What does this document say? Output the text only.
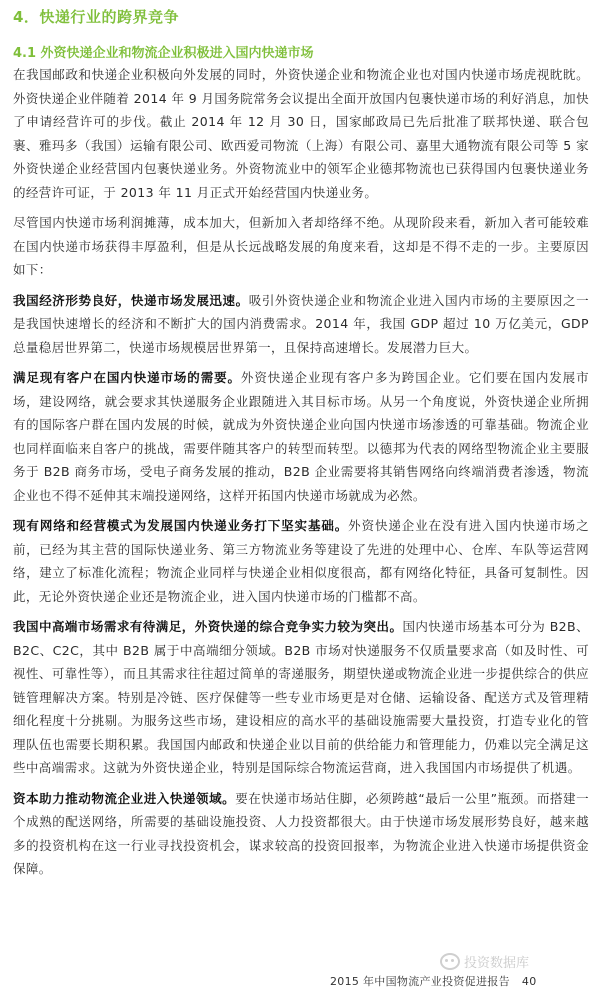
4．快递行业的跨界竞争
4.1 外资快递企业和物流企业积极进入国内快递市场

在我国邮政和快递企业积极向外发展的同时，外资快递企业和物流企业也对国内快递市场虎视眈眈。外资快递企业伴随着 2014 年 9 月国务院常务会议提出全面开放国内包裹快递市场的利好消息，加快了申请经营许可的步伐。截止 2014 年 12 月 30 日，国家邮政局已先后批准了联邦快递、联合包裹、雅玛多（我国）运输有限公司、欧西爱司物流（上海）有限公司、嘉里大通物流有限公司等 5 家外资快递企业经营国内包裹快递业务。外资物流业中的领军企业德邦物流也已获得国内包裹快递业务的经营许可证，于 2013 年 11 月正式开始经营国内快递业务。

尽管国内快递市场利润摊薄，成本加大，但新加入者却络绎不绝。从现阶段来看，新加入者可能较难在国内快递市场获得丰厚盈利，但是从长远战略发展的角度来看，这却是不得不走的一步。主要原因如下：

我国经济形势良好，快递市场发展迅速。吸引外资快递企业和物流企业进入国内市场的主要原因之一是我国快速增长的经济和不断扩大的国内消费需求。2014 年，我国 GDP 超过 10 万亿美元，GDP 总量稳居世界第二，快递市场规模居世界第一，且保持高速增长。发展潜力巨大。

满足现有客户在国内快递市场的需要。外资快递企业现有客户多为跨国企业。它们要在国内发展市场，建设网络，就会要求其快递服务企业跟随进入其目标市场。从另一个角度说，外资快递企业所拥有的国际客户群在国内发展的时候，就成为外资快递企业向国内快递市场渗透的可靠基础。物流企业也同样面临来自客户的挑战，需要伴随其客户的转型而转型。以德邦为代表的网络型物流企业主要服务于 B2B 商务市场，受电子商务发展的推动，B2B 企业需要将其销售网络向终端消费者渗透，物流企业也不得不延伸其末端投递网络，这样开拓国内快递市场就成为必然。

现有网络和经营模式为发展国内快递业务打下坚实基础。外资快递企业在没有进入国内快递市场之前，已经为其主营的国际快递业务、第三方物流业务等建设了先进的处理中心、仓库、车队等运营网络，建立了标准化流程；物流企业同样与快递企业相似度很高，都有网络化特征，具备可复制性。因此，无论外资快递企业还是物流企业，进入国内快递市场的门槛都不高。

我国中高端市场需求有待满足，外资快递的综合竞争实力较为突出。国内快递市场基本可分为 B2B、B2C、C2C，其中 B2B 属于中高端细分领域。B2B 市场对快递服务不仅质量要求高（如及时性、可视性、可靠性等），而且其需求往往超过简单的寄递服务，期望快递或物流企业进一步提供综合的供应链管理解决方案。特别是冷链、医疗保健等一些专业市场更是对仓储、运输设备、配送方式及管理精细化程度十分挑剔。为服务这些市场，建设相应的高水平的基础设施需要大量投资，打造专业化的管理队伍也需要长期积累。我国国内邮政和快递企业以目前的供给能力和管理能力，仍难以完全满足这些中高端需求。这就为外资快递企业，特别是国际综合物流运营商，进入我国国内市场提供了机遇。

资本助力推动物流企业进入快递领域。要在快递市场站住脚，必须跨越“最后一公里”瓶颈。而搭建一个成熟的配送网络，所需要的基础设施投资、人力投资都很大。由于快递市场发展形势良好，越来越多的投资机构在这一行业寻找投资机会，谋求较高的投资回报率，为物流企业进入快递市场提供资金保障。

投资数据库
2015 年中国物流产业投资促进报告 40
